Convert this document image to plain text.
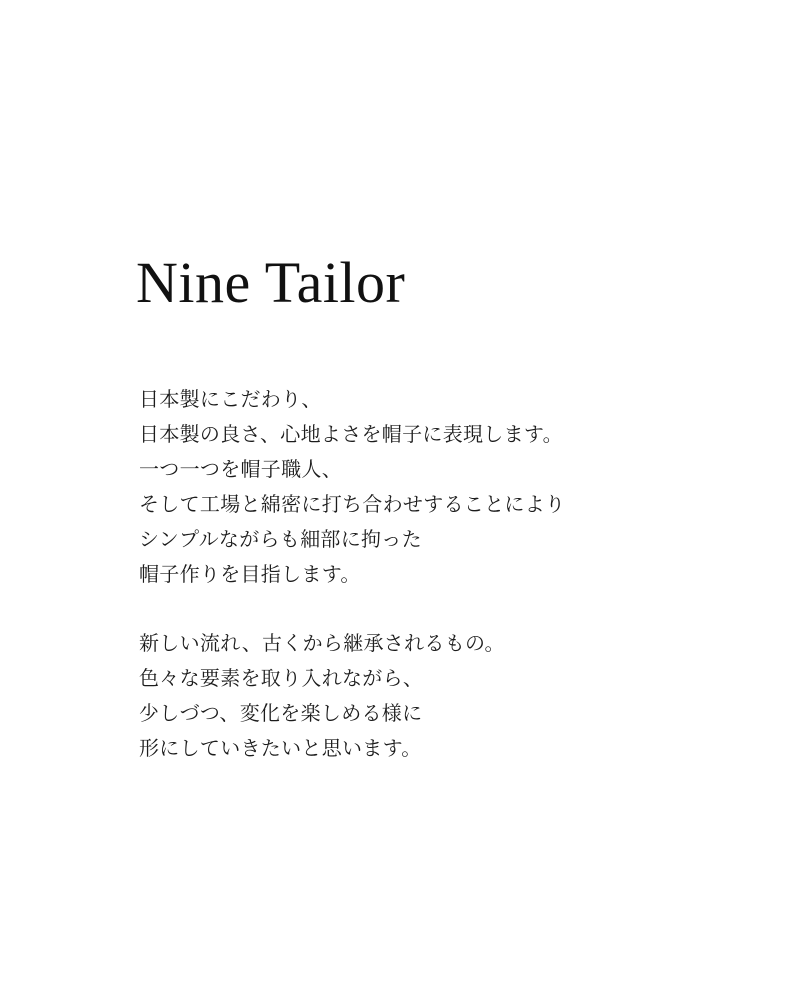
Nine Tailor
日本製にこだわり、
日本製の良さ、心地よさを帽子に表現します。
一つ一つを帽子職人、
そして工場と綿密に打ち合わせすることにより
シンプルながらも細部に拘った
帽子作りを目指します。
新しい流れ、古くから継承されるもの。
色々な要素を取り入れながら、
少しづつ、変化を楽しめる様に
形にしていきたいと思います。
